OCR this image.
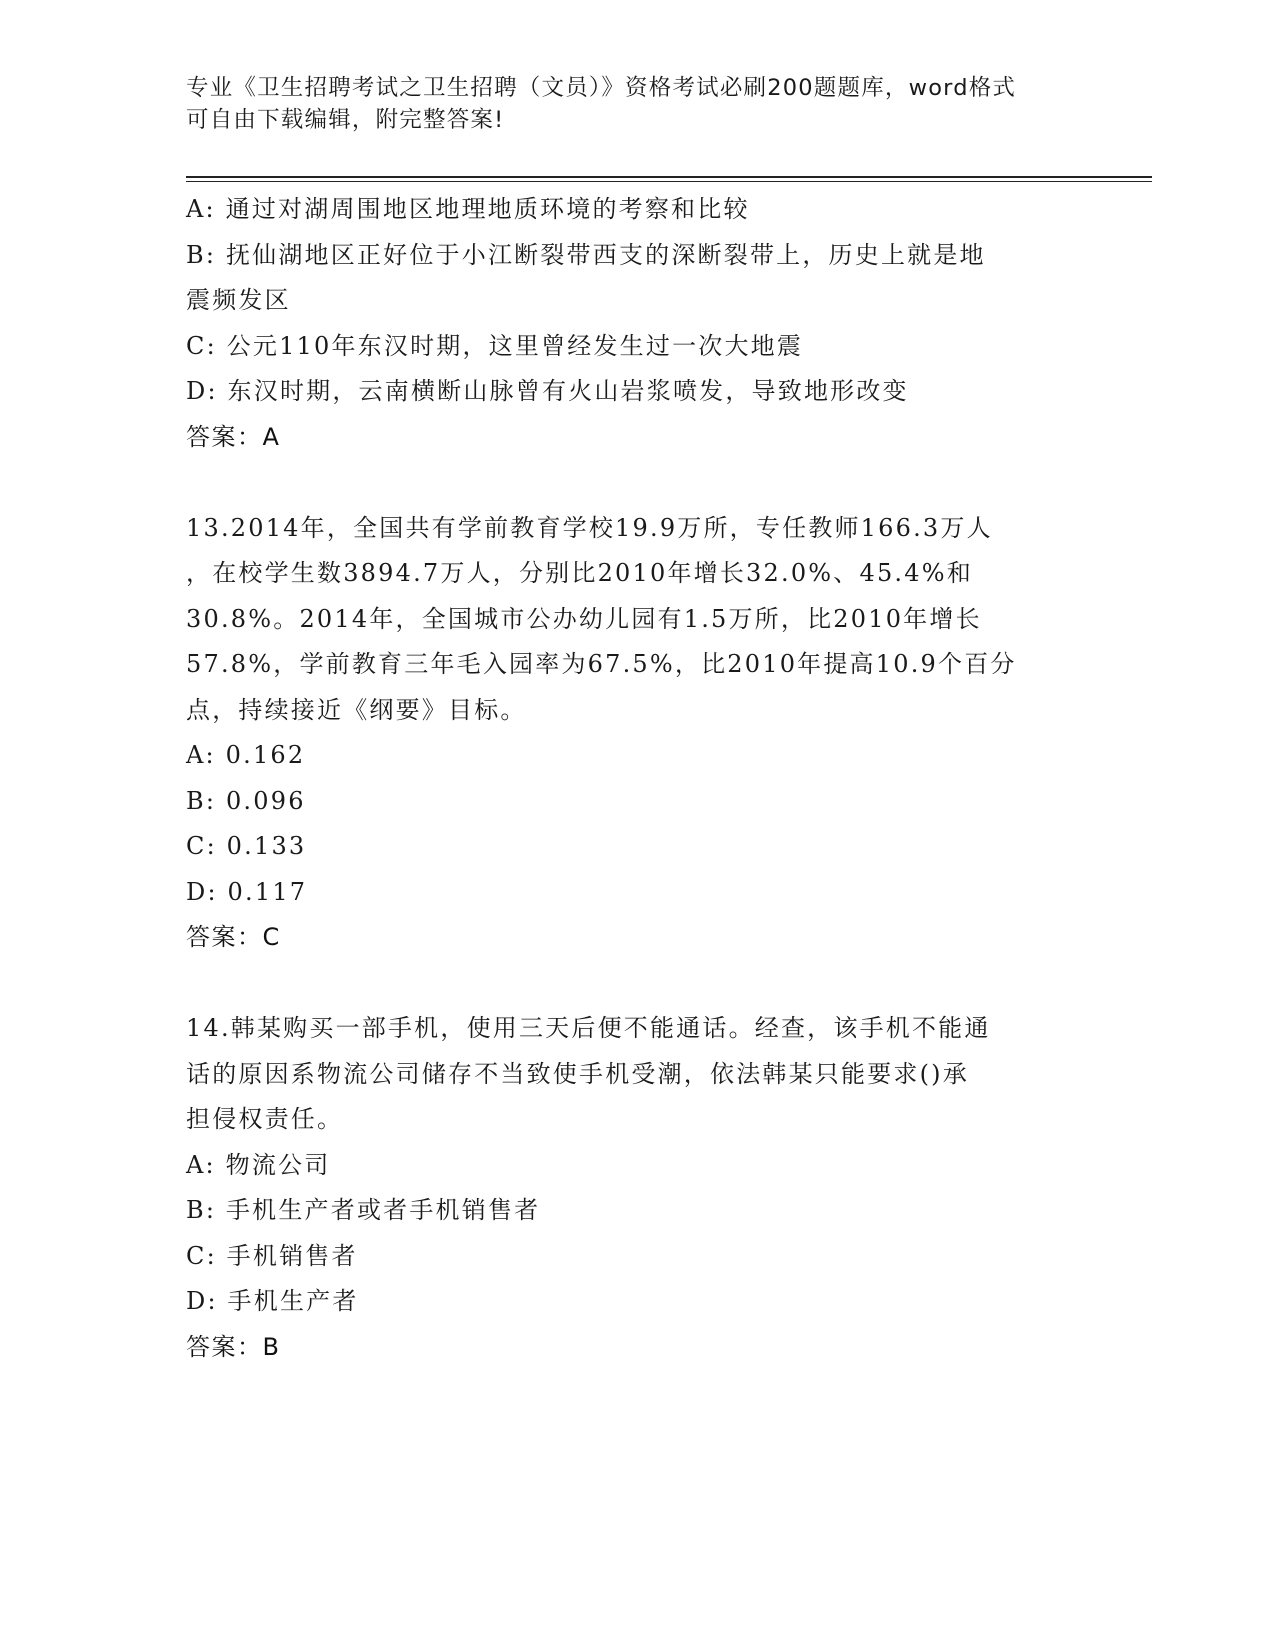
专业《卫生招聘考试之卫生招聘（文员）》资格考试必刷200题题库，word格式
可自由下载编辑，附完整答案!
A: 通过对湖周围地区地理地质环境的考察和比较
B: 抚仙湖地区正好位于小江断裂带西支的深断裂带上，历史上就是地
震频发区
C: 公元110年东汉时期，这里曾经发生过一次大地震
D: 东汉时期，云南横断山脉曾有火山岩浆喷发，导致地形改变
答案：A
13.2014年，全国共有学前教育学校19.9万所，专任教师166.3万人
，在校学生数3894.7万人，分别比2010年增长32.0%、45.4%和
30.8%。2014年，全国城市公办幼儿园有1.5万所，比2010年增长
57.8%，学前教育三年毛入园率为67.5%，比2010年提高10.9个百分
点，持续接近《纲要》目标。
A: 0.162
B: 0.096
C: 0.133
D: 0.117
答案：C
14.韩某购买一部手机，使用三天后便不能通话。经查，该手机不能通
话的原因系物流公司储存不当致使手机受潮，依法韩某只能要求()承
担侵权责任。
A: 物流公司
B: 手机生产者或者手机销售者
C: 手机销售者
D: 手机生产者
答案：B
